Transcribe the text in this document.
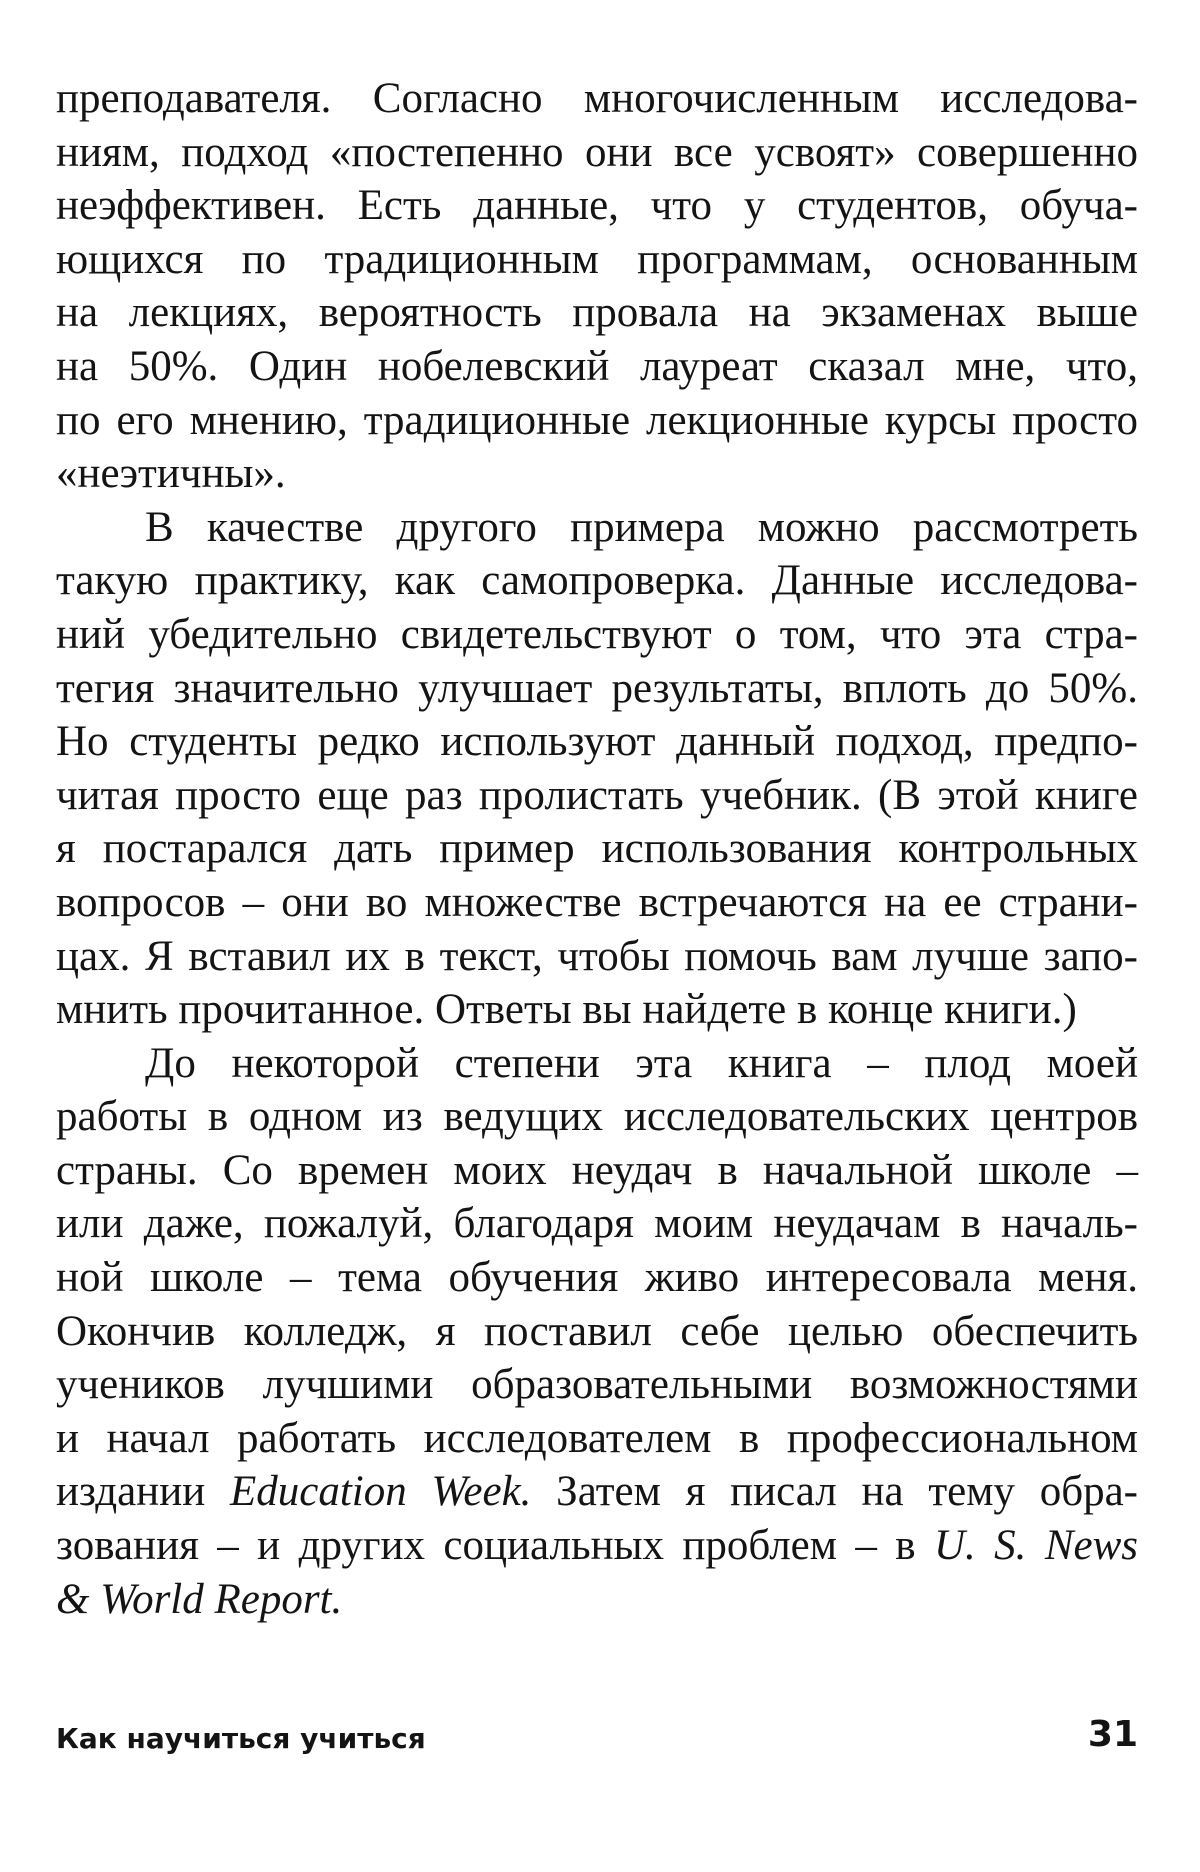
преподавателя. Согласно многочисленным исследова-
ниям, подход «постепенно они все усвоят» совершенно
неэффективен. Есть данные, что у студентов, обуча-
ющихся по традиционным программам, основанным
на лекциях, вероятность провала на экзаменах выше
на 50%. Один нобелевский лауреат сказал мне, что,
по его мнению, традиционные лекционные курсы просто
«неэтичны».
В качестве другого примера можно рассмотреть
такую практику, как самопроверка. Данные исследова-
ний убедительно свидетельствуют о том, что эта стра-
тегия значительно улучшает результаты, вплоть до 50%.
Но студенты редко используют данный подход, предпо-
читая просто еще раз пролистать учебник. (В этой книге
я постарался дать пример использования контрольных
вопросов – они во множестве встречаются на ее страни-
цах. Я вставил их в текст, чтобы помочь вам лучше запо-
мнить прочитанное. Ответы вы найдете в конце книги.)
До некоторой степени эта книга – плод моей
работы в одном из ведущих исследовательских центров
страны. Со времен моих неудач в начальной школе –
или даже, пожалуй, благодаря моим неудачам в началь-
ной школе – тема обучения живо интересовала меня.
Окончив колледж, я поставил себе целью обеспечить
учеников лучшими образовательными возможностями
и начал работать исследователем в профессиональном
издании Education Week. Затем я писал на тему обра-
зования – и других социальных проблем – в U. S. News
& World Report.
Как научиться учиться	31
